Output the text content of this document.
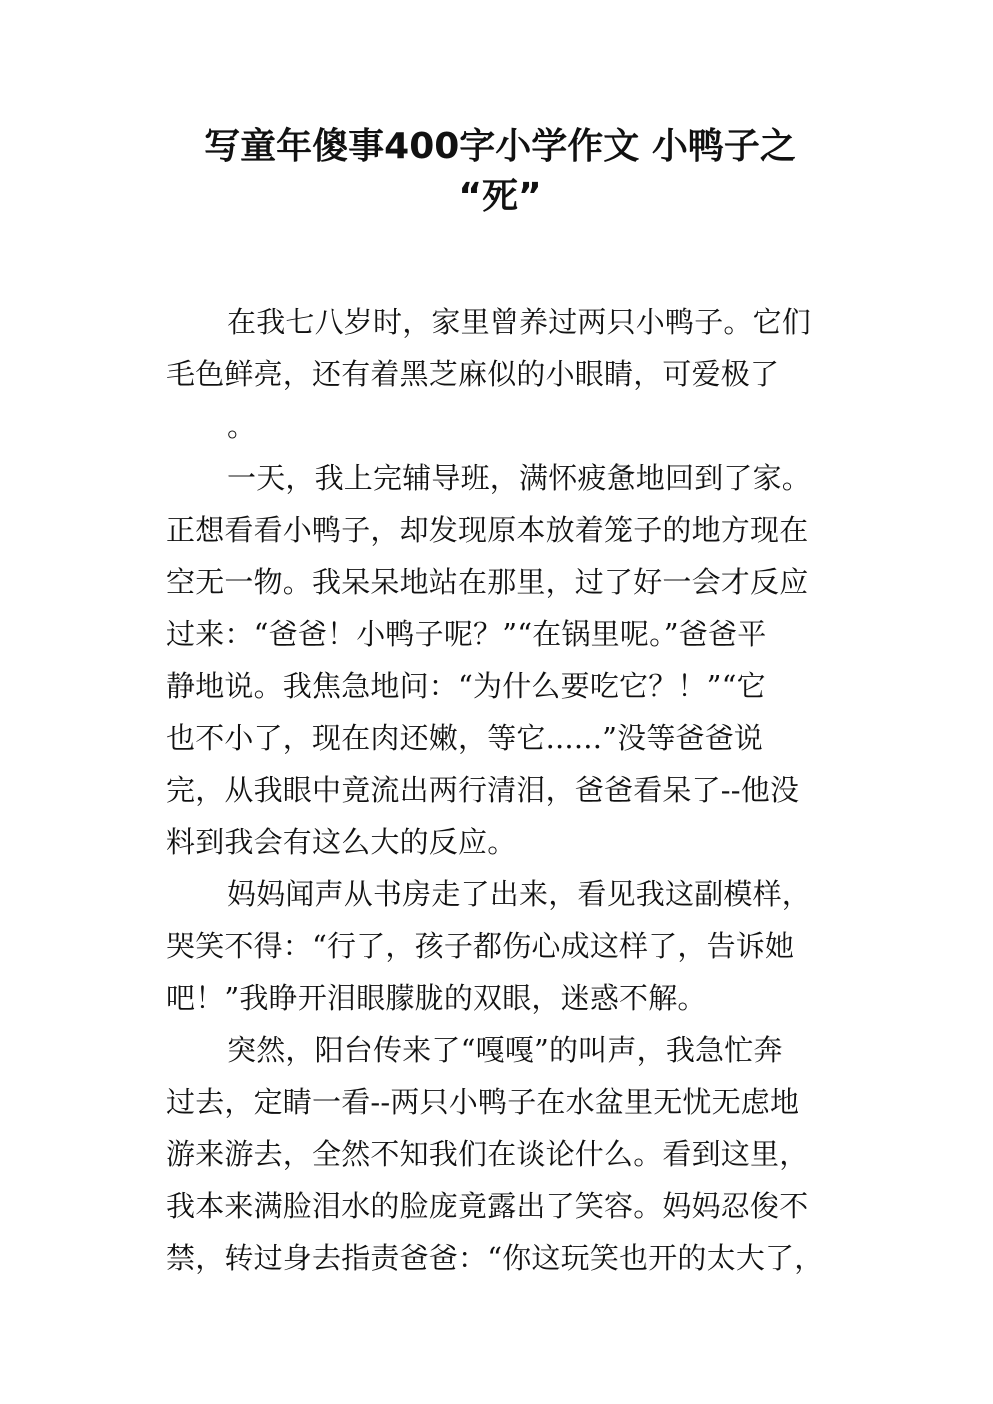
写童年傻事400字小学作文 小鸭子之
“死”
在我七八岁时，家里曾养过两只小鸭子。它们
毛色鲜亮，还有着黑芝麻似的小眼睛，可爱极了
。
一天，我上完辅导班，满怀疲惫地回到了家。
正想看看小鸭子，却发现原本放着笼子的地方现在
空无一物。我呆呆地站在那里，过了好一会才反应
过来：“爸爸！小鸭子呢？”“在锅里呢。”爸爸平
静地说。我焦急地问：“为什么要吃它？！”“它
也不小了，现在肉还嫩，等它......”没等爸爸说
完，从我眼中竟流出两行清泪，爸爸看呆了--他没
料到我会有这么大的反应。
妈妈闻声从书房走了出来，看见我这副模样，
哭笑不得：“行了，孩子都伤心成这样了，告诉她
吧！”我睁开泪眼朦胧的双眼，迷惑不解。
突然，阳台传来了“嘎嘎”的叫声，我急忙奔
过去，定睛一看--两只小鸭子在水盆里无忧无虑地
游来游去，全然不知我们在谈论什么。看到这里，
我本来满脸泪水的脸庞竟露出了笑容。妈妈忍俊不
禁，转过身去指责爸爸：“你这玩笑也开的太大了，
